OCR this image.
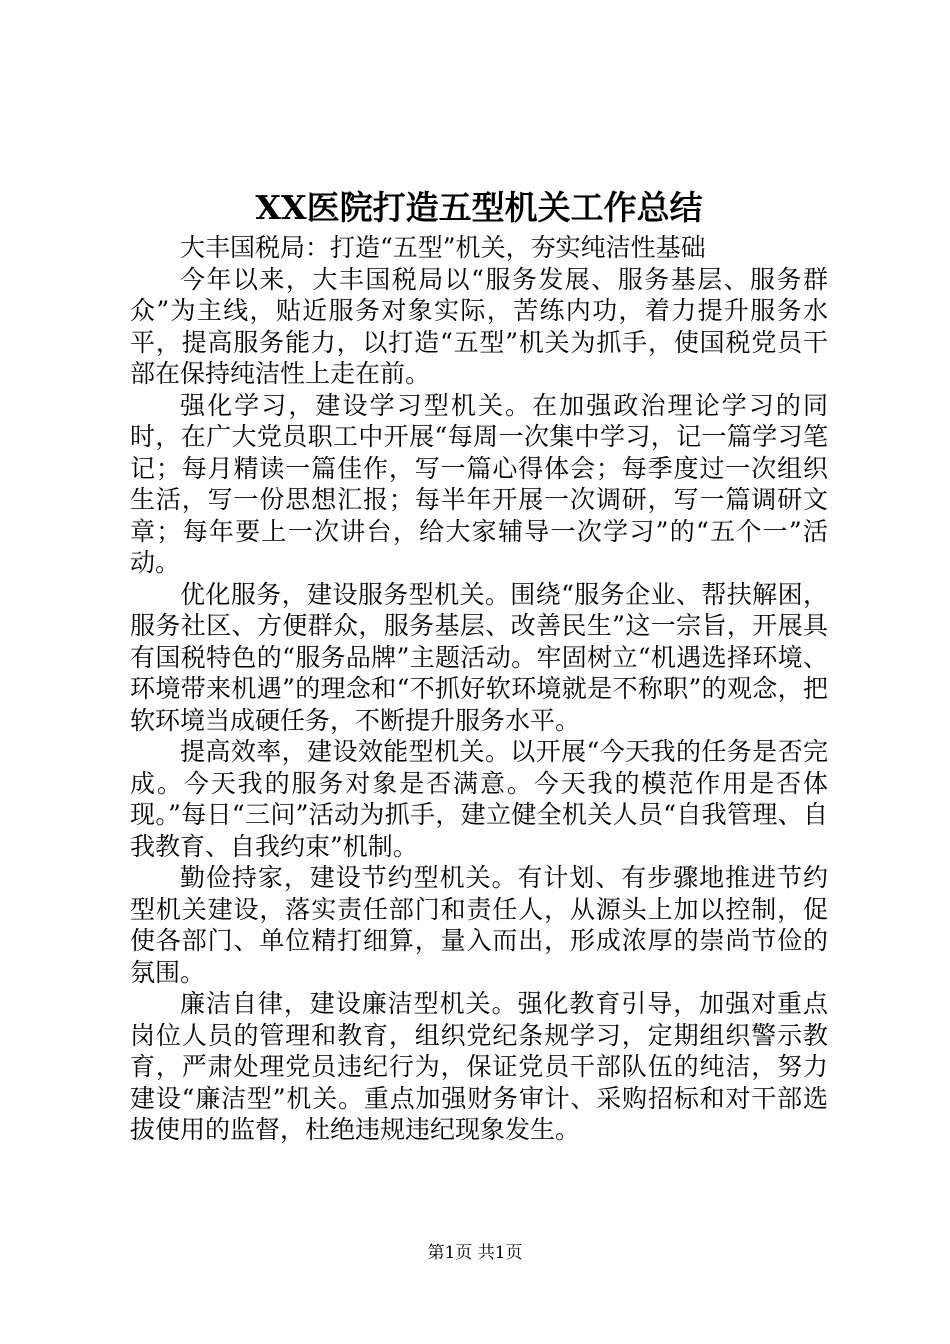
XX医院打造五型机关工作总结

大丰国税局：打造“五型”机关，夯实纯洁性基础

今年以来，大丰国税局以“服务发展、服务基层、服务群众”为主线，贴近服务对象实际，苦练内功，着力提升服务水平，提高服务能力，以打造“五型”机关为抓手，使国税党员干部在保持纯洁性上走在前。

强化学习，建设学习型机关。在加强政治理论学习的同时，在广大党员职工中开展“每周一次集中学习，记一篇学习笔记；每月精读一篇佳作，写一篇心得体会；每季度过一次组织生活，写一份思想汇报；每半年开展一次调研，写一篇调研文章；每年要上一次讲台，给大家辅导一次学习”的“五个一”活动。

优化服务，建设服务型机关。围绕“服务企业、帮扶解困，服务社区、方便群众，服务基层、改善民生”这一宗旨，开展具有国税特色的“服务品牌”主题活动。牢固树立“机遇选择环境、环境带来机遇”的理念和“不抓好软环境就是不称职”的观念，把软环境当成硬任务，不断提升服务水平。

提高效率，建设效能型机关。以开展“今天我的任务是否完成。今天我的服务对象是否满意。今天我的模范作用是否体现。”每日“三问”活动为抓手，建立健全机关人员“自我管理、自我教育、自我约束”机制。

勤俭持家，建设节约型机关。有计划、有步骤地推进节约型机关建设，落实责任部门和责任人，从源头上加以控制，促使各部门、单位精打细算，量入而出，形成浓厚的崇尚节俭的氛围。

廉洁自律，建设廉洁型机关。强化教育引导，加强对重点岗位人员的管理和教育，组织党纪条规学习，定期组织警示教育，严肃处理党员违纪行为，保证党员干部队伍的纯洁，努力建设“廉洁型”机关。重点加强财务审计、采购招标和对干部选拔使用的监督，杜绝违规违纪现象发生。

第1页 共1页
